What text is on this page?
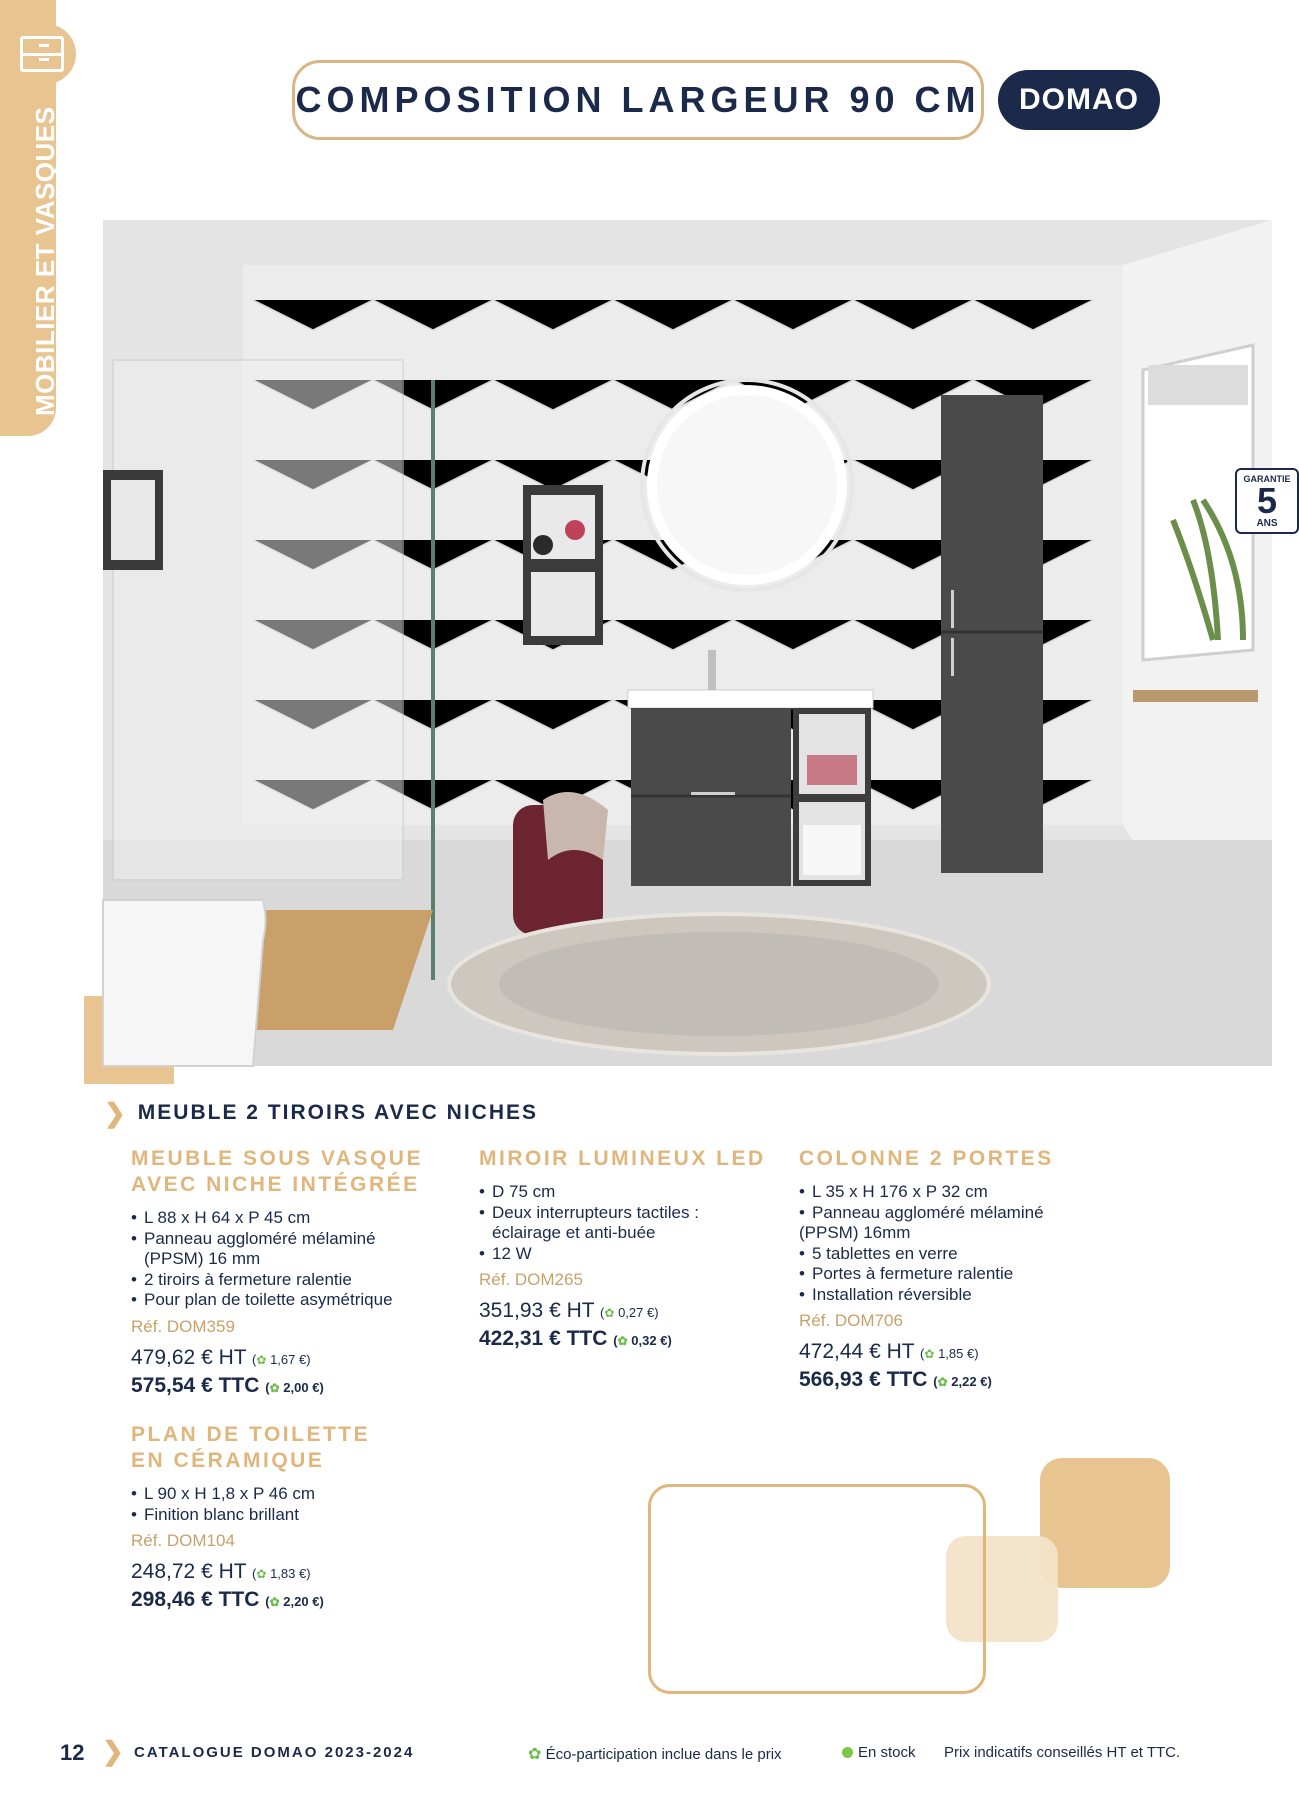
MOBILIER ET VASQUES
COMPOSITION LARGEUR 90 CM	DOMAO
GARANTIE
5
ANS
❯ MEUBLE 2 TIROIRS AVEC NICHES
MEUBLE SOUS VASQUE
AVEC NICHE INTÉGRÉE
• L 88 x H 64 x P 45 cm
• Panneau aggloméré mélaminé
(PPSM) 16 mm
• 2 tiroirs à fermeture ralentie
• Pour plan de toilette asymétrique
Réf. DOM359
479,62 € HT (✿ 1,67 €)
575,54 € TTC (✿ 2,00 €)
MIROIR LUMINEUX LED
• D 75 cm
• Deux interrupteurs tactiles :
éclairage et anti-buée
• 12 W
Réf. DOM265
351,93 € HT (✿ 0,27 €)
422,31 € TTC (✿ 0,32 €)
COLONNE 2 PORTES
• L 35 x H 176 x P 32 cm
• Panneau aggloméré mélaminé
(PPSM) 16mm
• 5 tablettes en verre
• Portes à fermeture ralentie
• Installation réversible
Réf. DOM706
472,44 € HT (✿ 1,85 €)
566,93 € TTC (✿ 2,22 €)
PLAN DE TOILETTE
EN CÉRAMIQUE
• L 90 x H 1,8 x P 46 cm
• Finition blanc brillant
Réf. DOM104
248,72 € HT (✿ 1,83 €)
298,46 € TTC (✿ 2,20 €)
12 ❯ CATALOGUE DOMAO 2023-2024	✿ Éco-participation inclue dans le prix	En stock Prix indicatifs conseillés HT et TTC.
